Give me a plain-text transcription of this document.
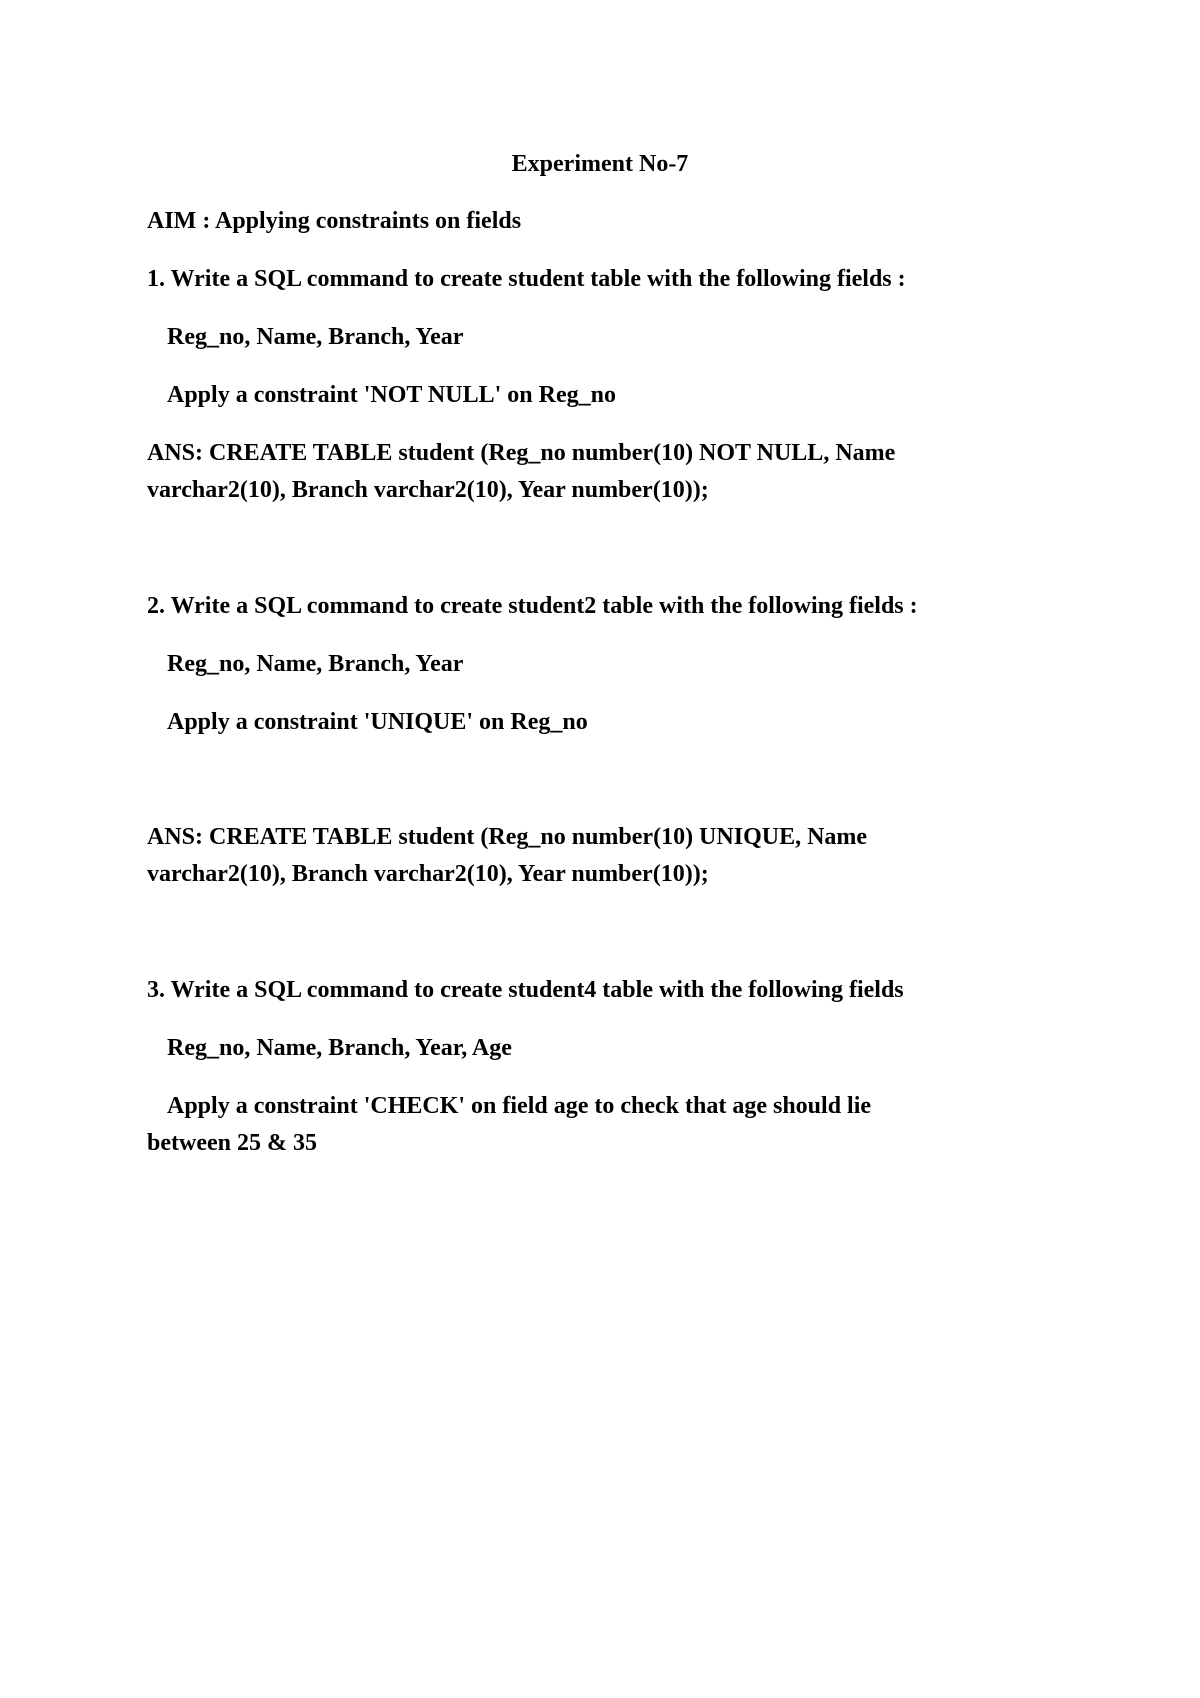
Experiment No-7
AIM : Applying constraints on fields
1. Write a SQL command to create student table with the following fields :
Reg_no, Name, Branch, Year
Apply a constraint 'NOT NULL' on Reg_no
ANS: CREATE TABLE student (Reg_no number(10) NOT NULL, Name
varchar2(10), Branch varchar2(10), Year number(10));
2. Write a SQL command to create student2 table with the following fields :
Reg_no, Name, Branch, Year
Apply a constraint 'UNIQUE' on Reg_no
ANS: CREATE TABLE student (Reg_no number(10) UNIQUE, Name
varchar2(10), Branch varchar2(10), Year number(10));
3. Write a SQL command to create student4 table with the following fields
Reg_no, Name, Branch, Year, Age
Apply a constraint 'CHECK' on field age to check that age should lie
between 25 & 35
